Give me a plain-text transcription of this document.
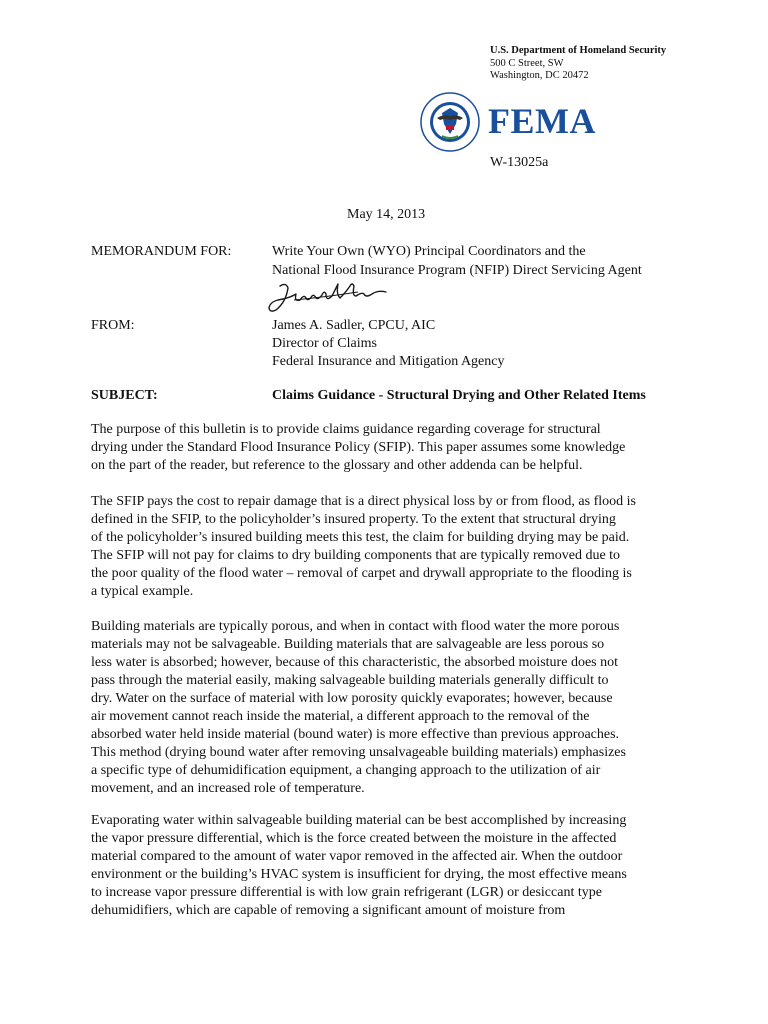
U.S. Department of Homeland Security
500 C Street, SW
Washington, DC 20472
FEMA
W-13025a
May 14, 2013
MEMORANDUM FOR:	Write Your Own (WYO) Principal Coordinators and the
National Flood Insurance Program (NFIP) Direct Servicing Agent
FROM:	James A. Sadler, CPCU, AIC
Director of Claims
Federal Insurance and Mitigation Agency
SUBJECT:	Claims Guidance - Structural Drying and Other Related Items
The purpose of this bulletin is to provide claims guidance regarding coverage for structural
drying under the Standard Flood Insurance Policy (SFIP). This paper assumes some knowledge
on the part of the reader, but reference to the glossary and other addenda can be helpful.
The SFIP pays the cost to repair damage that is a direct physical loss by or from flood, as flood is
defined in the SFIP, to the policyholder’s insured property. To the extent that structural drying
of the policyholder’s insured building meets this test, the claim for building drying may be paid.
The SFIP will not pay for claims to dry building components that are typically removed due to
the poor quality of the flood water – removal of carpet and drywall appropriate to the flooding is
a typical example.
Building materials are typically porous, and when in contact with flood water the more porous
materials may not be salvageable. Building materials that are salvageable are less porous so
less water is absorbed; however, because of this characteristic, the absorbed moisture does not
pass through the material easily, making salvageable building materials generally difficult to
dry. Water on the surface of material with low porosity quickly evaporates; however, because
air movement cannot reach inside the material, a different approach to the removal of the
absorbed water held inside material (bound water) is more effective than previous approaches.
This method (drying bound water after removing unsalvageable building materials) emphasizes
a specific type of dehumidification equipment, a changing approach to the utilization of air
movement, and an increased role of temperature.
Evaporating water within salvageable building material can be best accomplished by increasing
the vapor pressure differential, which is the force created between the moisture in the affected
material compared to the amount of water vapor removed in the affected air. When the outdoor
environment or the building’s HVAC system is insufficient for drying, the most effective means
to increase vapor pressure differential is with low grain refrigerant (LGR) or desiccant type
dehumidifiers, which are capable of removing a significant amount of moisture from
